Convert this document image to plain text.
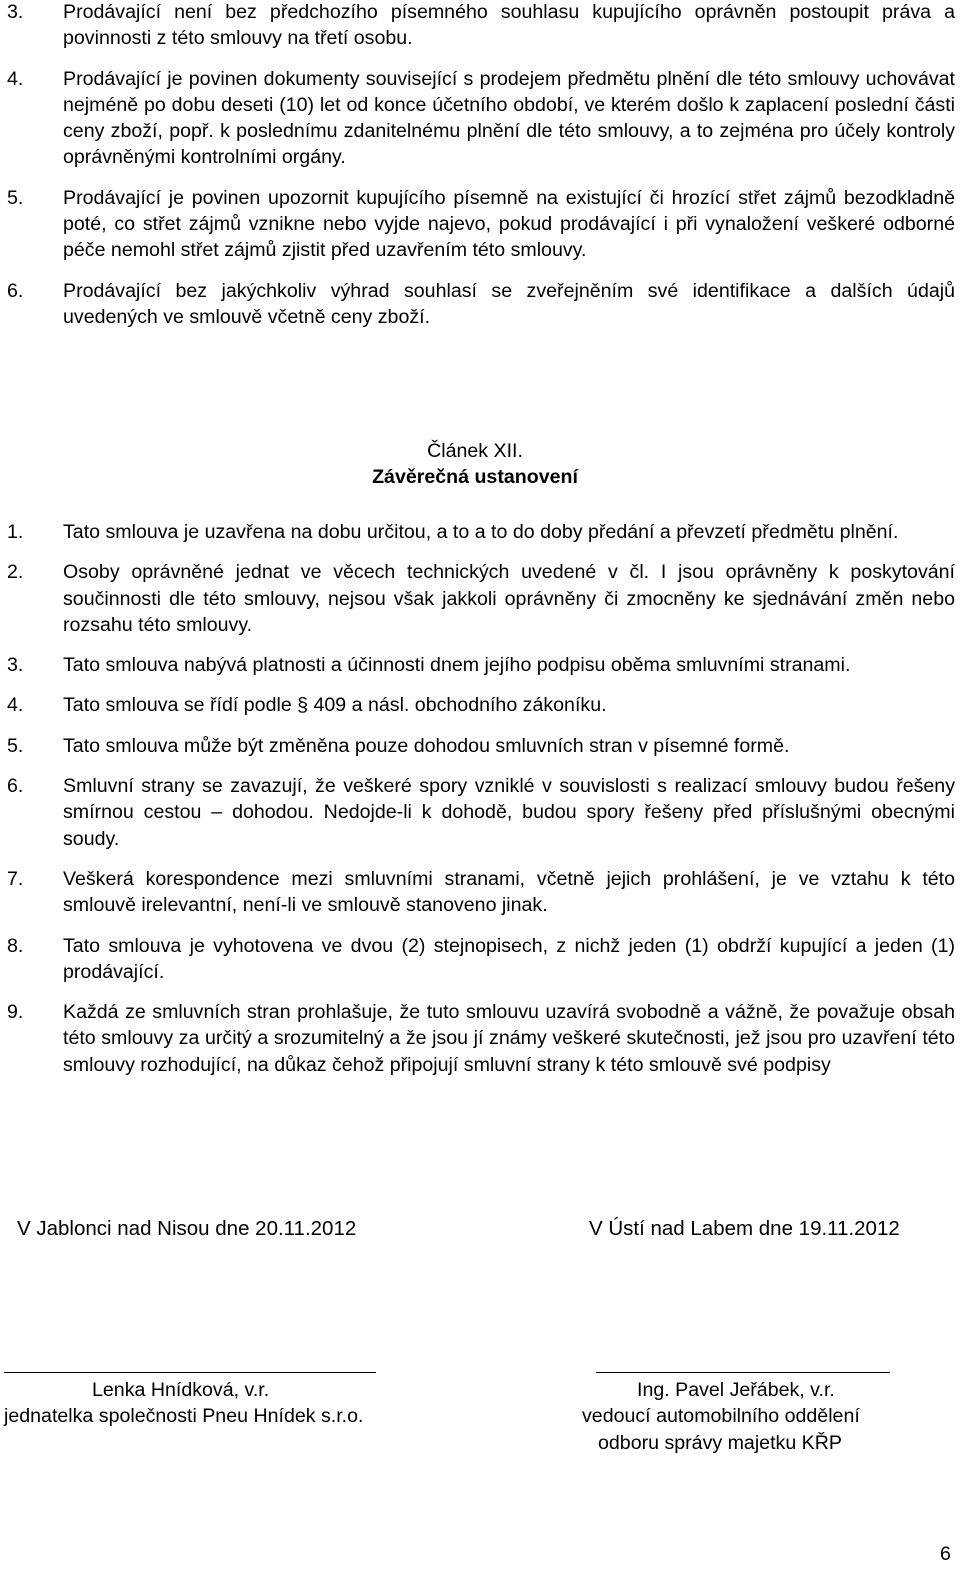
3.	Prodávající není bez předchozího písemného souhlasu kupujícího oprávněn postoupit práva a povinnosti z této smlouvy na třetí osobu.
4.	Prodávající je povinen dokumenty související s prodejem předmětu plnění dle této smlouvy uchovávat nejméně po dobu deseti (10) let od konce účetního období, ve kterém došlo k zaplacení poslední části ceny zboží, popř. k poslednímu zdanitelnému plnění dle této smlouvy, a to zejména pro účely kontroly oprávněnými kontrolními orgány.
5.	Prodávající je povinen upozornit kupujícího písemně na existující či hrozící střet zájmů bezodkladně poté, co střet zájmů vznikne nebo vyjde najevo, pokud prodávající i při vynaložení veškeré odborné péče nemohl střet zájmů zjistit před uzavřením této smlouvy.
6.	Prodávající bez jakýchkoliv výhrad souhlasí se zveřejněním své identifikace a dalších údajů uvedených ve smlouvě včetně ceny zboží.
Článek XII.
Závěrečná ustanovení
1.	Tato smlouva je uzavřena na dobu určitou, a to a to do doby předání a převzetí předmětu plnění.
2.	Osoby oprávněné jednat ve věcech technických uvedené v čl. I jsou oprávněny k poskytování součinnosti dle této smlouvy, nejsou však jakkoli oprávněny či zmocněny ke sjednávání změn nebo rozsahu této smlouvy.
3.	Tato smlouva nabývá platnosti a účinnosti dnem jejího podpisu oběma smluvními stranami.
4.	Tato smlouva se řídí podle § 409 a násl. obchodního zákoníku.
5.	Tato smlouva může být změněna pouze dohodou smluvních stran v písemné formě.
6.	Smluvní strany se zavazují, že veškeré spory vzniklé v souvislosti s realizací smlouvy budou řešeny smírnou cestou – dohodou. Nedojde-li k dohodě, budou spory řešeny před příslušnými obecnými soudy.
7.	Veškerá korespondence mezi smluvními stranami, včetně jejich prohlášení, je ve vztahu k této smlouvě irelevantní, není-li ve smlouvě stanoveno jinak.
8.	Tato smlouva je vyhotovena ve dvou (2) stejnopisech, z nichž jeden (1) obdrží kupující a jeden (1) prodávající.
9.	Každá ze smluvních stran prohlašuje, že tuto smlouvu uzavírá svobodně a vážně, že považuje obsah této smlouvy za určitý a srozumitelný a že jsou jí známy veškeré skutečnosti, jež jsou pro uzavření této smlouvy rozhodující, na důkaz čehož připojují smluvní strany k této smlouvě své podpisy
V Jablonci nad Nisou dne 20.11.2012	V Ústí nad Labem dne 19.11.2012
Lenka Hnídková, v.r.
jednatelka společnosti Pneu Hnídek s.r.o.
Ing. Pavel Jeřábek, v.r.
vedoucí automobilního oddělení
odboru správy majetku KŘP
6
